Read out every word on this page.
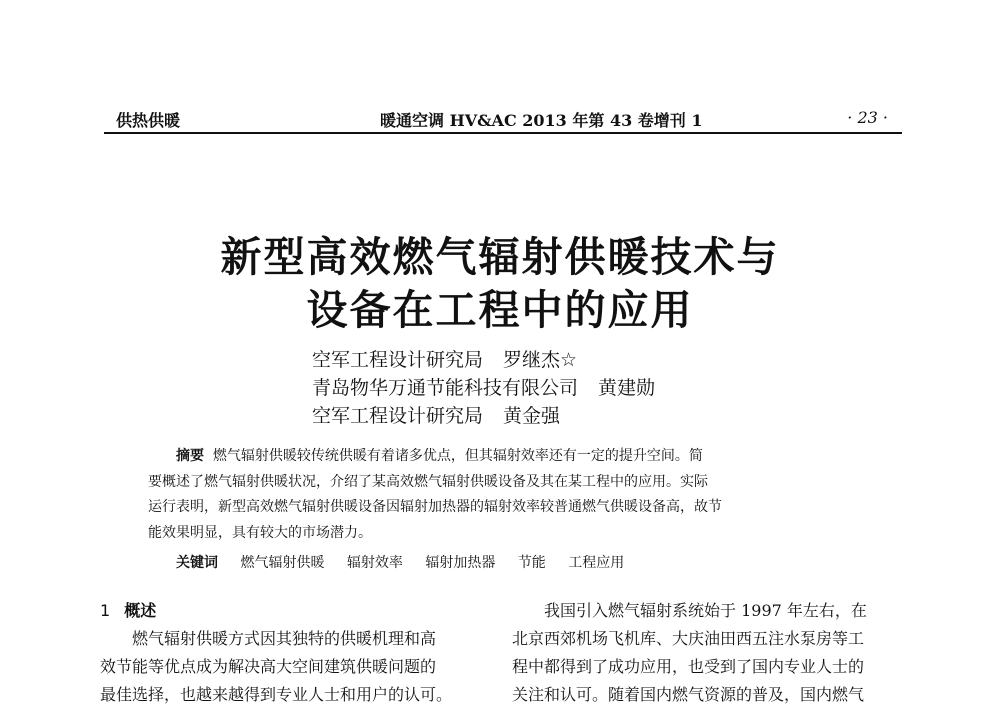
供热供暖	暖通空调 HV&AC 2013 年第 43 卷增刊 1	· 23 ·
新型高效燃气辐射供暖技术与
设备在工程中的应用
空军工程设计研究局 罗继杰☆
青岛物华万通节能科技有限公司 黄建勋
空军工程设计研究局 黄金强
摘要 燃气辐射供暖较传统供暖有着诸多优点，但其辐射效率还有一定的提升空间。简
要概述了燃气辐射供暖状况，介绍了某高效燃气辐射供暖设备及其在某工程中的应用。实际
运行表明，新型高效燃气辐射供暖设备因辐射加热器的辐射效率较普通燃气供暖设备高，故节
能效果明显，具有较大的市场潜力。
关键词 燃气辐射供暖 辐射效率 辐射加热器 节能 工程应用
1 概述
燃气辐射供暖方式因其独特的供暖机理和高
效节能等优点成为解决高大空间建筑供暖问题的
最佳选择，也越来越得到专业人士和用户的认可。
我国引入燃气辐射系统始于 1997 年左右，在
北京西郊机场飞机库、大庆油田西五注水泵房等工
程中都得到了成功应用，也受到了国内专业人士的
关注和认可。随着国内燃气资源的普及，国内燃气
